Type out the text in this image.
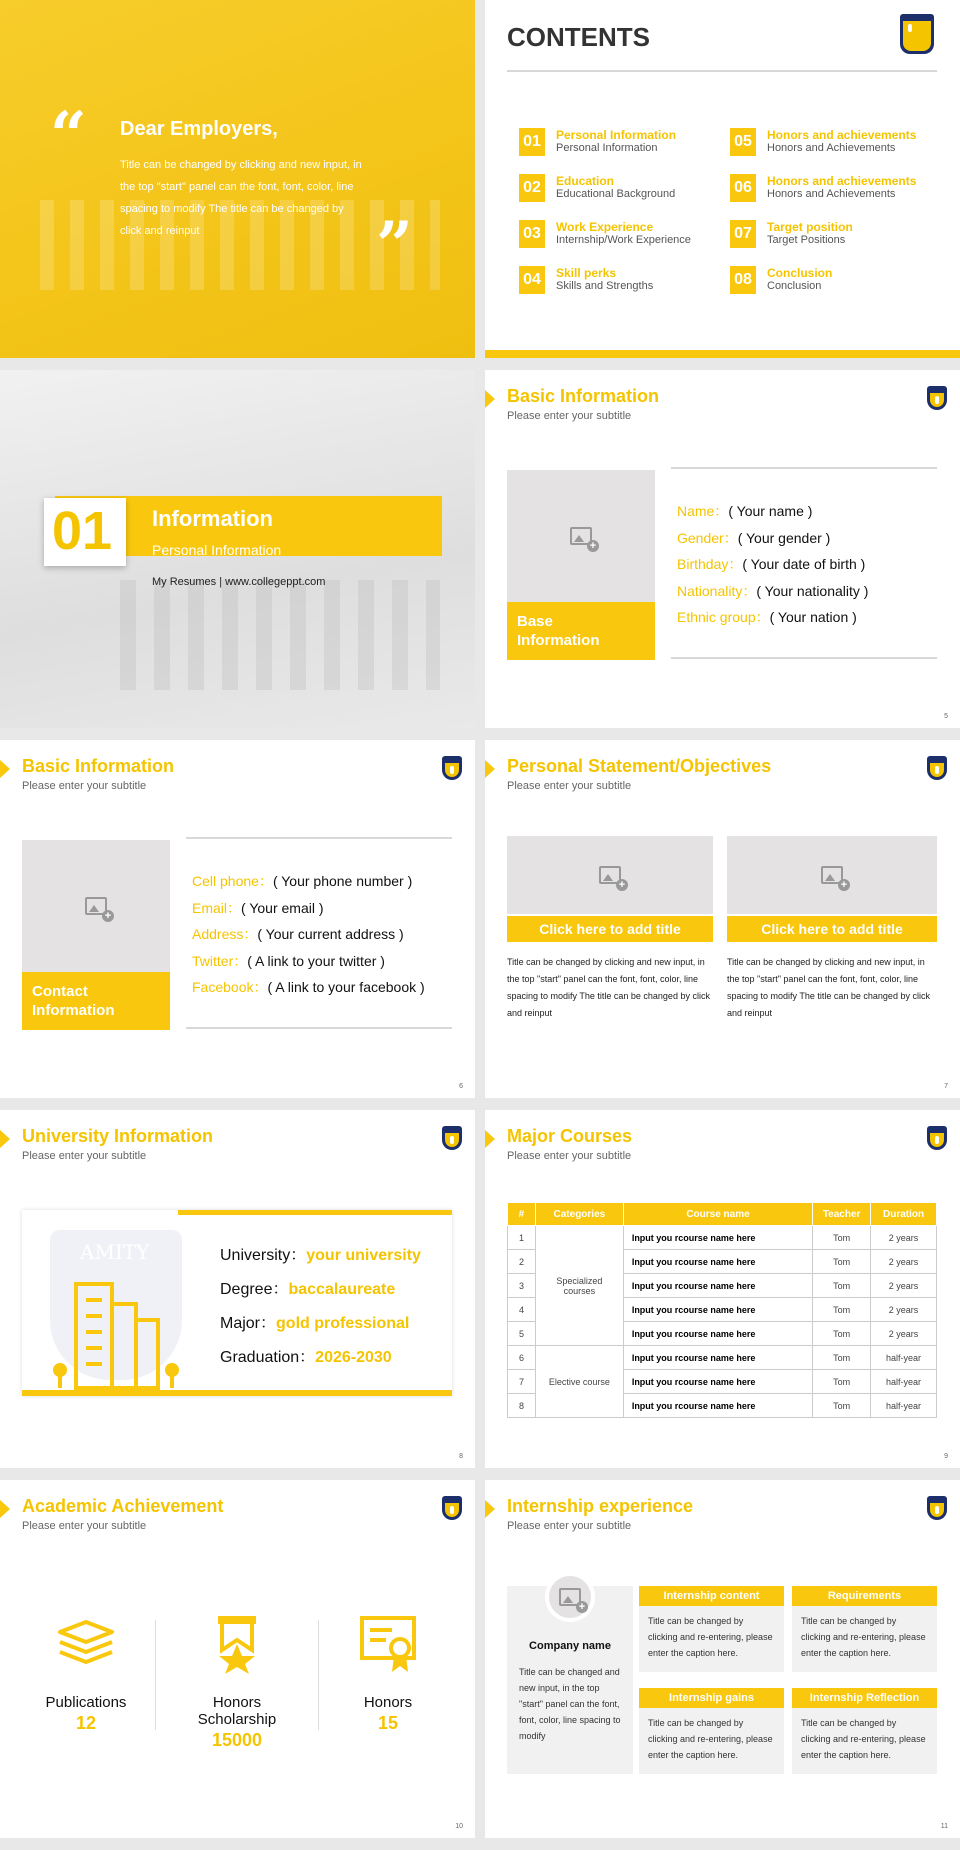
“ Dear Employers,
Title can be changed by clicking and new input, in the top "start" panel can the font, font, color, line spacing to modify The title can be changed by click and reinput	”
CONTENTS
01	Personal Information
Personal Information
02	Education
Educational Background
03	Work Experience
Internship/Work Experience
04	Skill perks
Skills and Strengths
05	Honors and achievements
Honors and Achievements
06	Honors and achievements
Honors and Achievements
07	Target position
Target Positions
08	Conclusion
Conclusion
01 Information
Personal Information
My Resumes | www.collegeppt.com
Basic Information
Please enter your subtitle
+
Base Information
5
Name：( Your name )
Gender：( Your gender )
Birthday：( Your date of birth )
Nationality：( Your nationality )
Ethnic group：( Your nation )
Basic Information
Please enter your subtitle
+
Contact Information
6
Cell phone：( Your phone number )
Email：( Your email )
Address：( Your current address )
Twitter：( A link to your twitter )
Facebook：( A link to your facebook )
Personal Statement/Objectives
Please enter your subtitle
+
Click here to add title
Title can be changed by clicking and new input, in the top "start" panel can the font, font, color, line spacing to modify The title can be changed by click and reinput
+
Click here to add title
Title can be changed by clicking and new input, in the top "start" panel can the font, font, color, line spacing to modify The title can be changed by click and reinput
7
University Information
Please enter your subtitle
AMITY
8
University：your university
Degree：baccalaureate
Major：gold professional
Graduation：2026-2030
Major Courses
Please enter your subtitle
#	Categories	Course name	Teacher	Duration
1	Specialized courses	Input you rcourse name here	Tom	2 years
2		Input you rcourse name here	Tom	2 years
3		Input you rcourse name here	Tom	2 years
4		Input you rcourse name here	Tom	2 years
5		Input you rcourse name here	Tom	2 years
6	Elective course	Input you rcourse name here	Tom	half-year
7		Input you rcourse name here	Tom	half-year
8		Input you rcourse name here	Tom	half-year
9
Academic Achievement
Please enter your subtitle
10
Publications
12
Honors Scholarship
15000
Honors
15
Internship experience
Please enter your subtitle
+
Company name
Title can be changed and new input, in the top "start" panel can the font, font, color, line spacing to modify
11
Internship content
Title can be changed by clicking and re-entering, please enter the caption here.
Requirements
Title can be changed by clicking and re-entering, please enter the caption here.
Internship gains
Title can be changed by clicking and re-entering, please enter the caption here.
Internship Reflection
Title can be changed by clicking and re-entering, please enter the caption here.
